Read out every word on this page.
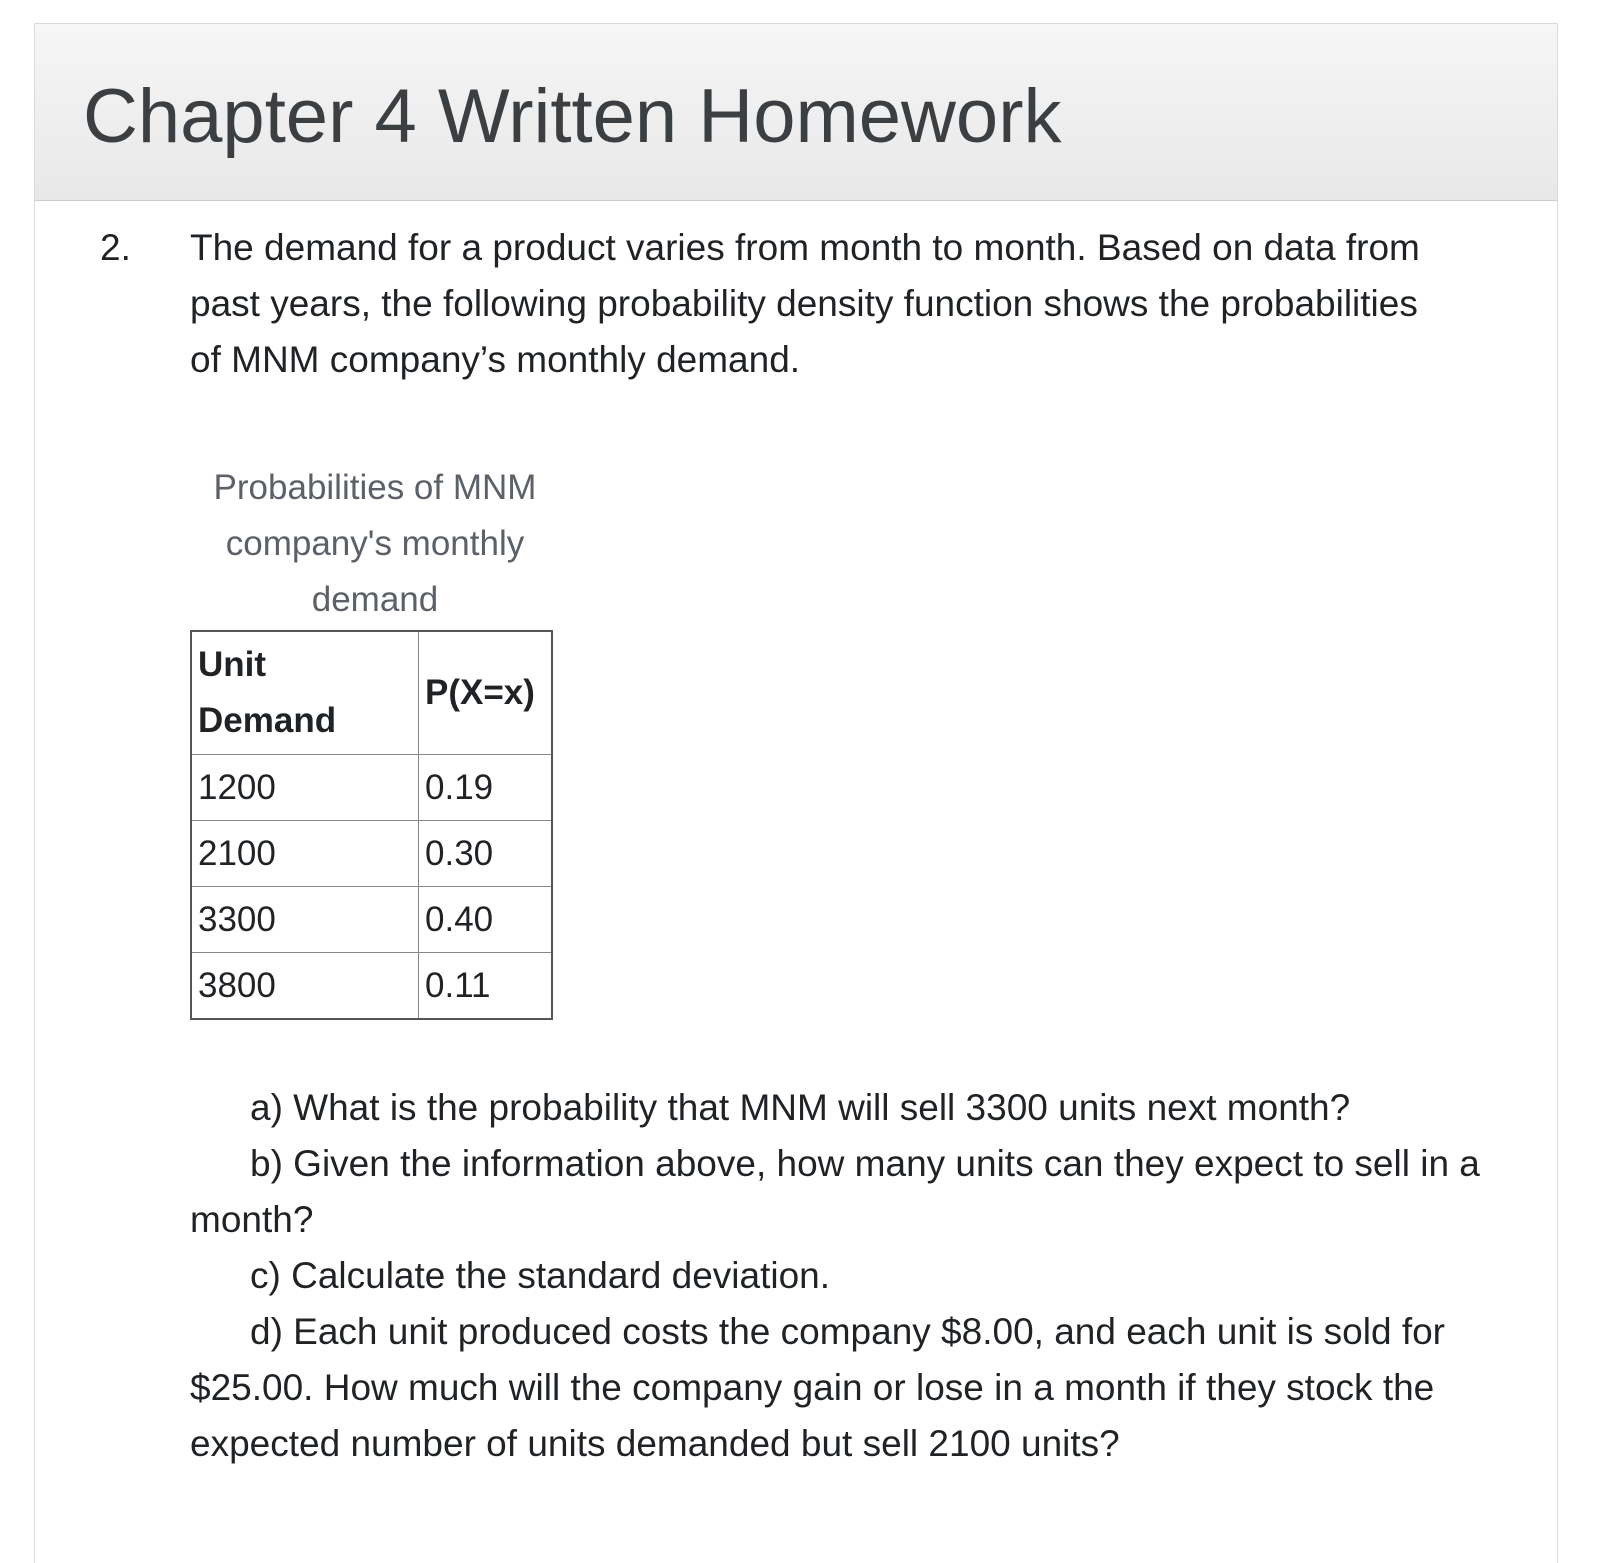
Chapter 4 Written Homework
2.	The demand for a product varies from month to month. Based on data from past years, the following probability density function shows the probabilities of MNM company’s monthly demand.
Probabilities of MNM company's monthly demand
Unit Demand	P(X=x)
1200	0.19
2100	0.30
3300	0.40
3800	0.11

a) What is the probability that MNM will sell 3300 units next month?

b) Given the information above, how many units can they expect to sell in a month?

c) Calculate the standard deviation.

d) Each unit produced costs the company $8.00, and each unit is sold for $25.00. How much will the company gain or lose in a month if they stock the expected number of units demanded but sell 2100 units?
